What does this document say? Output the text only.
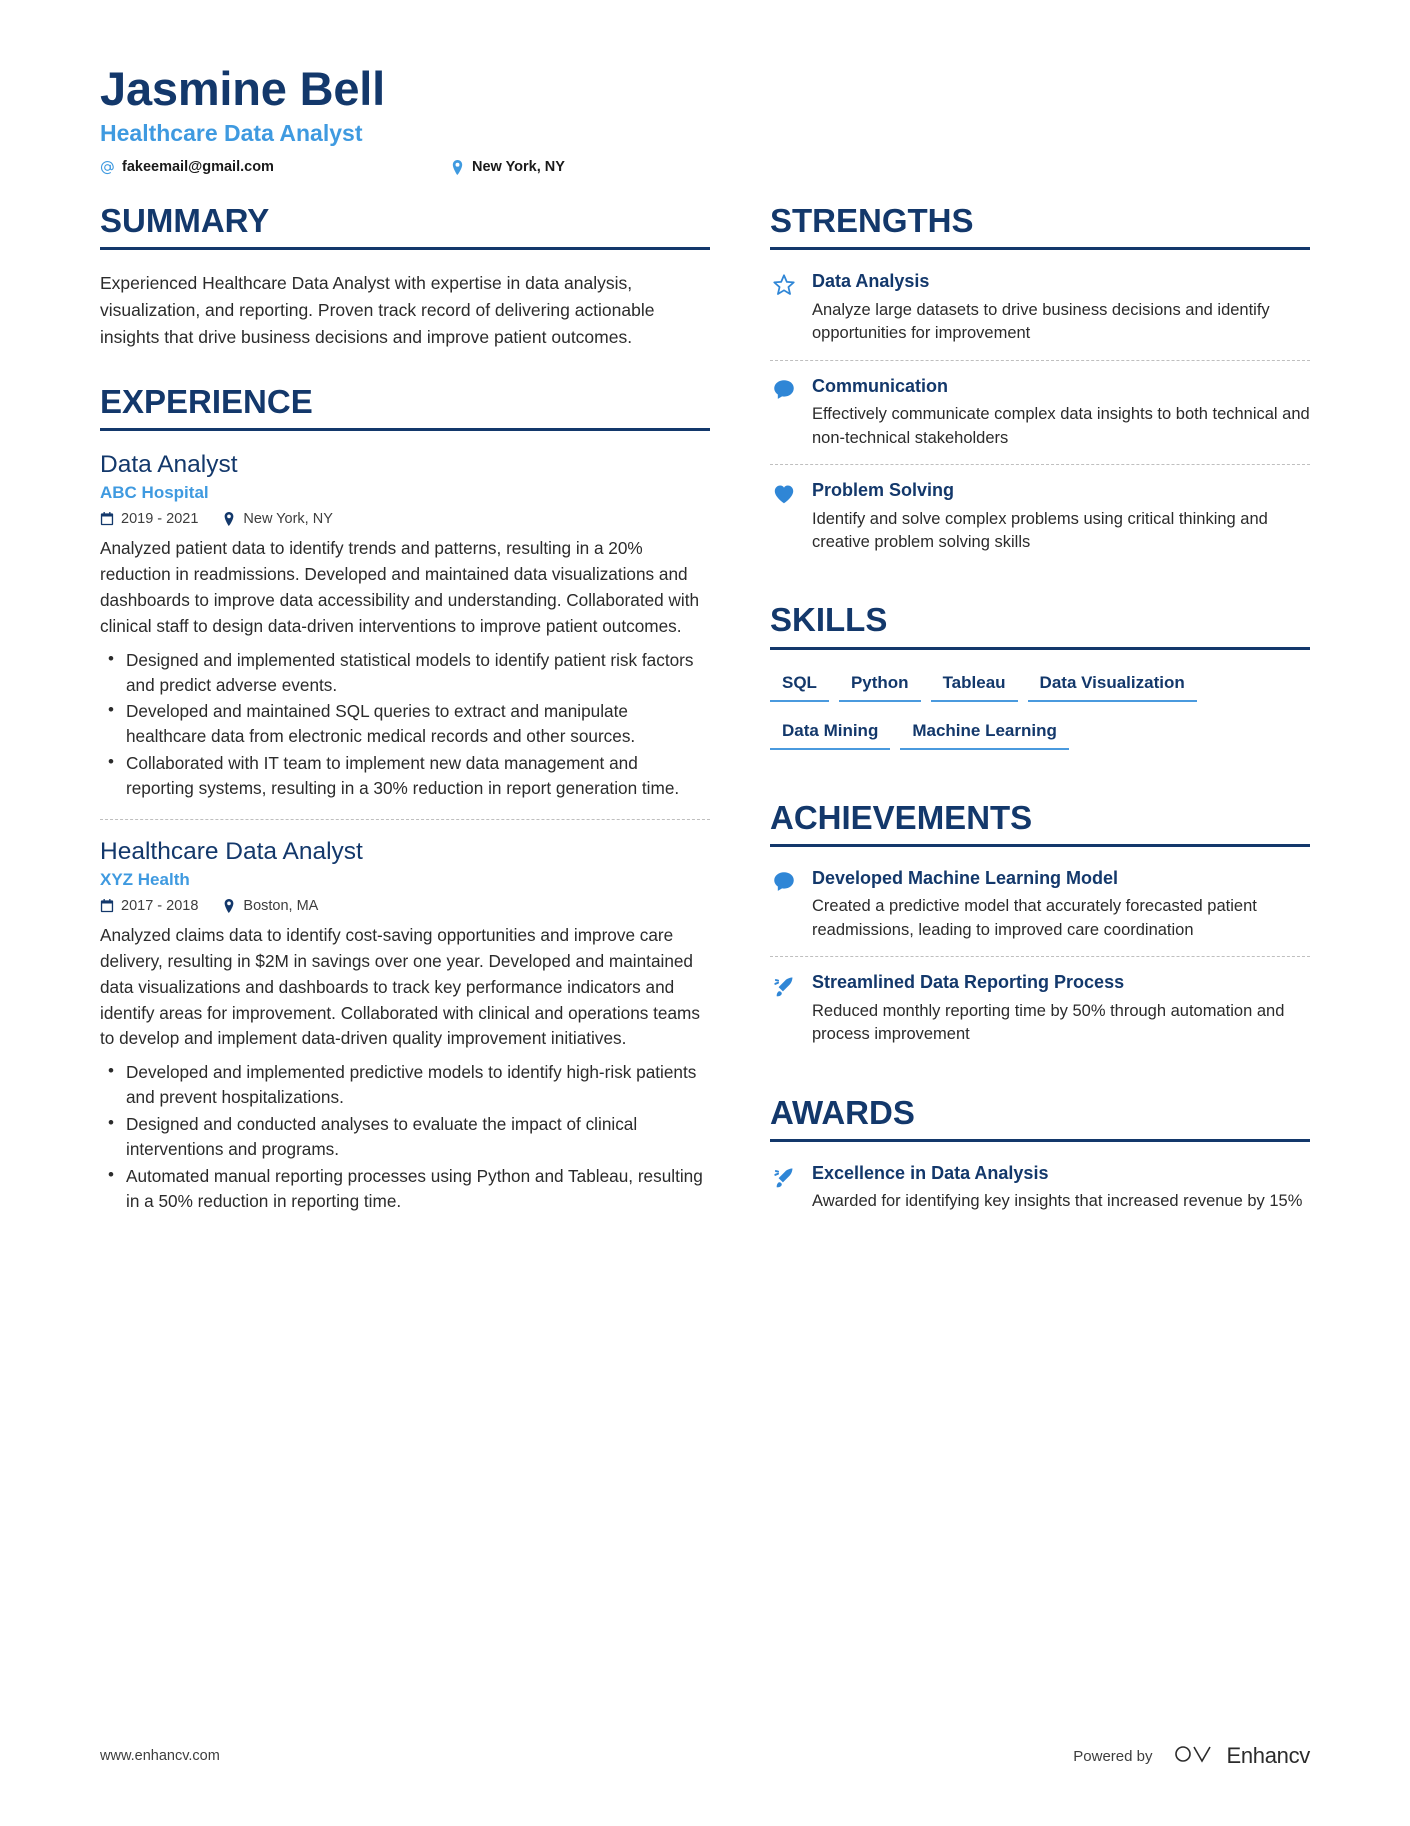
Jasmine Bell
Healthcare Data Analyst
fakeemail@gmail.com	New York, NY
SUMMARY
Experienced Healthcare Data Analyst with expertise in data analysis, visualization, and reporting. Proven track record of delivering actionable insights that drive business decisions and improve patient outcomes.
EXPERIENCE
Data Analyst
ABC Hospital
2019 - 2021	New York, NY
Analyzed patient data to identify trends and patterns, resulting in a 20% reduction in readmissions. Developed and maintained data visualizations and dashboards to improve data accessibility and understanding. Collaborated with clinical staff to design data-driven interventions to improve patient outcomes.
• Designed and implemented statistical models to identify patient risk factors and predict adverse events.
• Developed and maintained SQL queries to extract and manipulate healthcare data from electronic medical records and other sources.
• Collaborated with IT team to implement new data management and reporting systems, resulting in a 30% reduction in report generation time.
Healthcare Data Analyst
XYZ Health
2017 - 2018	Boston, MA
Analyzed claims data to identify cost-saving opportunities and improve care delivery, resulting in $2M in savings over one year. Developed and maintained data visualizations and dashboards to track key performance indicators and identify areas for improvement. Collaborated with clinical and operations teams to develop and implement data-driven quality improvement initiatives.
• Developed and implemented predictive models to identify high-risk patients and prevent hospitalizations.
• Designed and conducted analyses to evaluate the impact of clinical interventions and programs.
• Automated manual reporting processes using Python and Tableau, resulting in a 50% reduction in reporting time.
STRENGTHS
Data Analysis
Analyze large datasets to drive business decisions and identify opportunities for improvement
Communication
Effectively communicate complex data insights to both technical and non-technical stakeholders
Problem Solving
Identify and solve complex problems using critical thinking and creative problem solving skills
SKILLS
SQL	Python	Tableau	Data Visualization
Data Mining	Machine Learning
ACHIEVEMENTS
Developed Machine Learning Model
Created a predictive model that accurately forecasted patient readmissions, leading to improved care coordination
Streamlined Data Reporting Process
Reduced monthly reporting time by 50% through automation and process improvement
AWARDS
Excellence in Data Analysis
Awarded for identifying key insights that increased revenue by 15%
www.enhancv.com	Powered by	Enhancv
